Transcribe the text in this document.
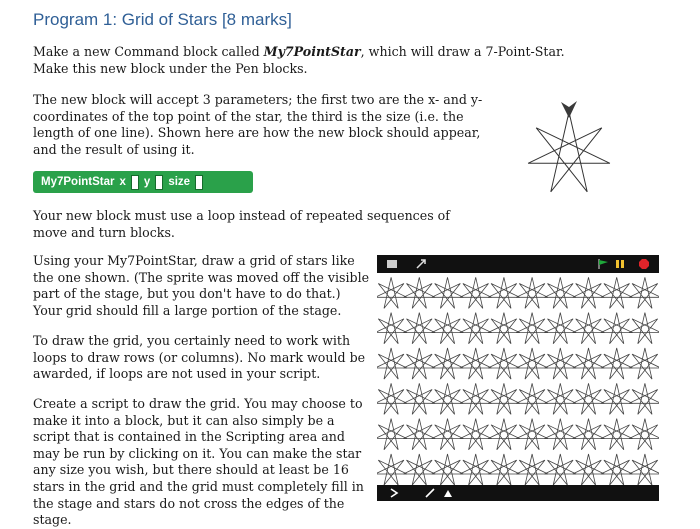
Program 1: Grid of Stars [8 marks]

Make a new Command block called My7PointStar, which will draw a 7-Point-Star. Make this new block under the Pen blocks.

The new block will accept 3 parameters; the first two are the x- and y-coordinates of the top point of the star, the third is the size (i.e. the length of one line). Shown here are how the new block should appear, and the result of using it.

My7PointStar x y size

Your new block must use a loop instead of repeated sequences of move and turn blocks.

Using your My7PointStar, draw a grid of stars like the one shown. (The sprite was moved off the visible part of the stage, but you don't have to do that.) Your grid should fill a large portion of the stage.

To draw the grid, you certainly need to work with loops to draw rows (or columns). No mark would be awarded, if loops are not used in your script.

Create a script to draw the grid. You may choose to make it into a block, but it can also simply be a script that is contained in the Scripting area and may be run by clicking on it. You can make the star any size you wish, but there should at least be 16 stars in the grid and the grid must completely fill in the stage and stars do not cross the edges of the stage.
